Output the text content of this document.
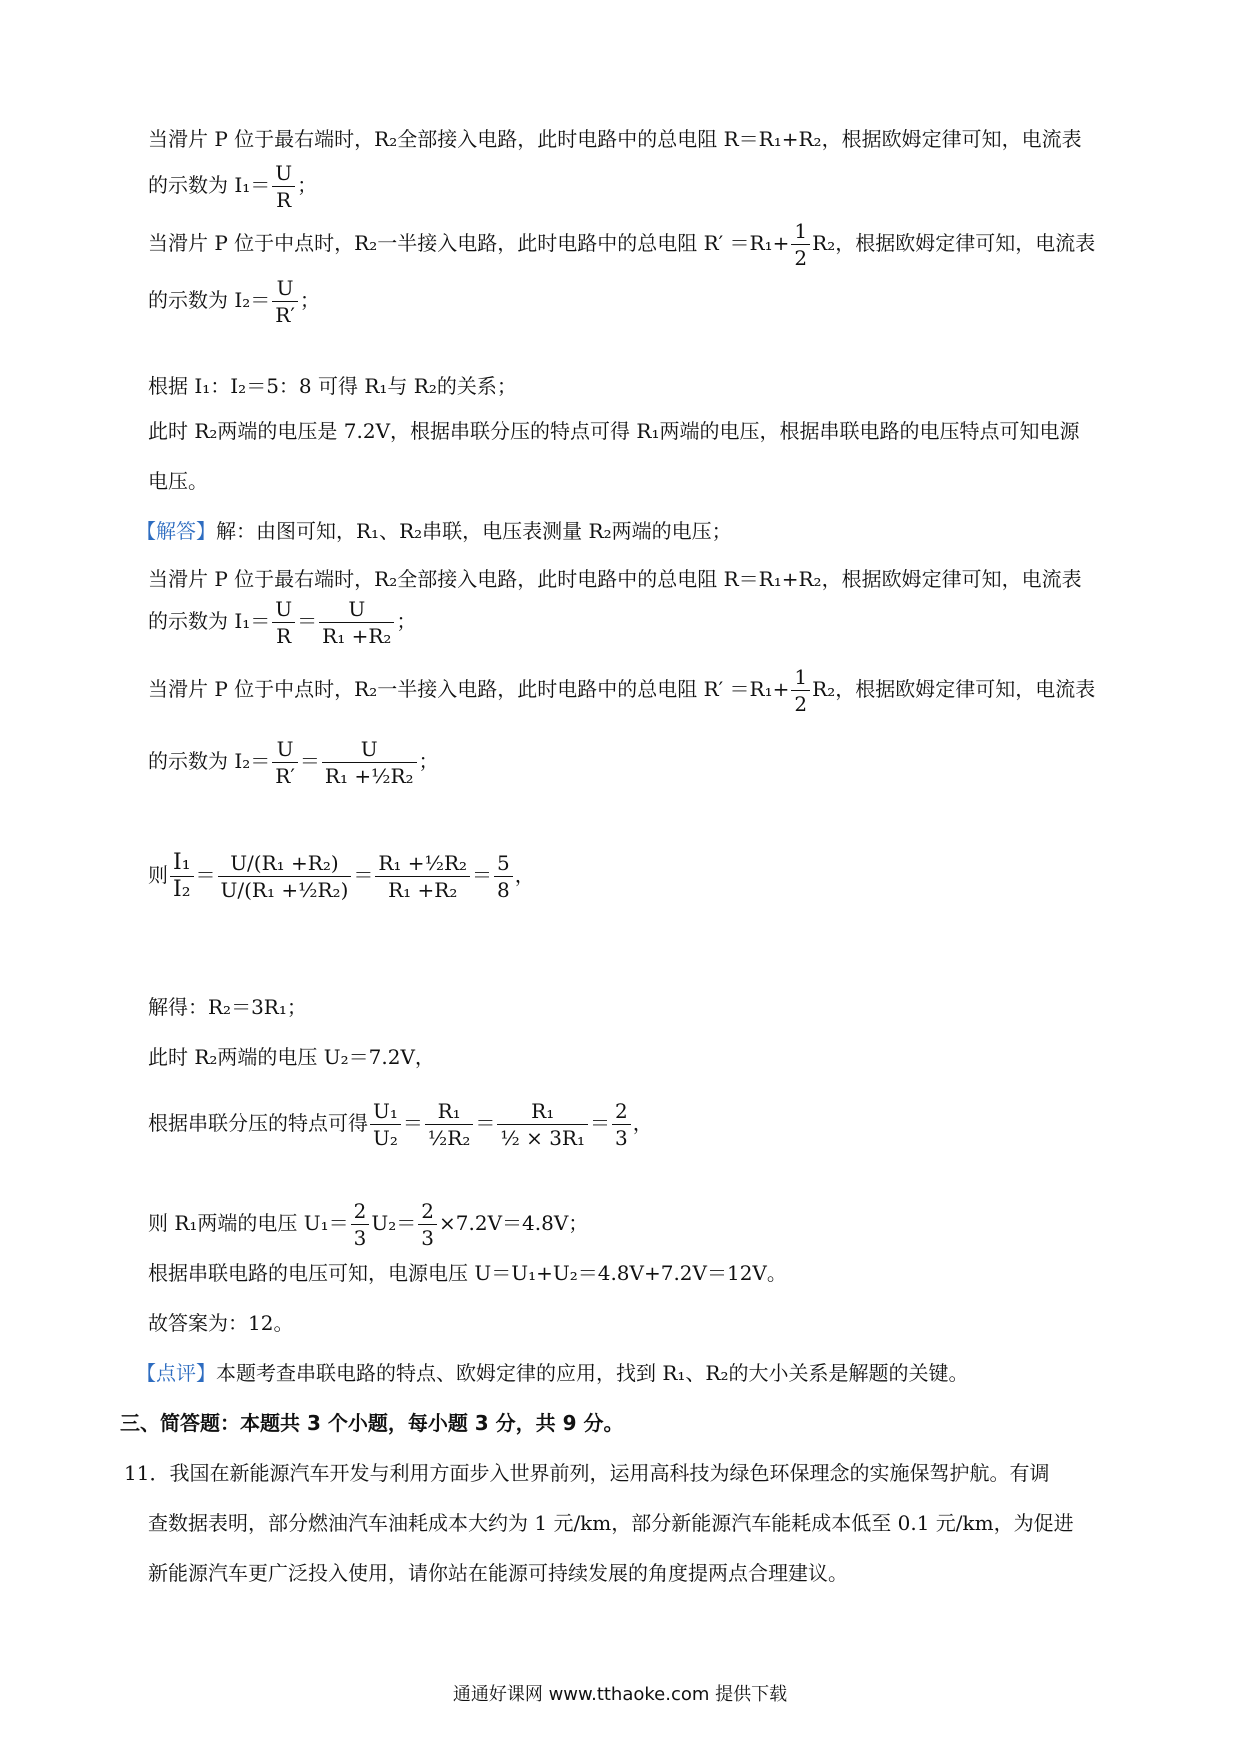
当滑片 P 位于最右端时，R₂全部接入电路，此时电路中的总电阻 R＝R₁+R₂，根据欧姆定律可知，电流表
的示数为 $I_1= \frac{U}{R}$ ；
当滑片 P 位于中点时，R₂一半接入电路，此时电路中的总电阻 $R' =R_1+ \frac{1}{2} R_2$，根据欧姆定律可知，电流表
的示数为 $I_2= \frac{U}{R'}$ ；
根据 I₁：I₂＝5：8 可得 R₁与 R₂的关系；
此时 R₂两端的电压是 7.2V，根据串联分压的特点可得 R₁两端的电压，根据串联电路的电压特点可知电源
电压。
【解答】解：由图可知，R₁、R₂串联，电压表测量 R₂两端的电压；
当滑片 P 位于最右端时，R₂全部接入电路，此时电路中的总电阻 R＝R₁+R₂，根据欧姆定律可知，电流表
的示数为 $I_1= \frac{U}{R} = \frac{U}{\text{R₁ +R₂}}$ ；
当滑片 P 位于中点时，R₂一半接入电路，此时电路中的总电阻 $R' =R_1+ \frac{1}{2} R_2$，根据欧姆定律可知，电流表
的示数为 $I_2= \frac{U}{R'} = \frac{U}{\text{R₁ +½R₂}}$ ；
则 $\frac{\text{I₁}}{\text{I₂}} = \frac{\text{U/(R₁ +R₂)}}{\text{U/(R₁ +½R₂)}} = \frac{\text{R₁ +½R₂}}{\text{R₁ +R₂}} = \frac{5}{8}$ ，
解得：R₂＝3R₁；
此时 R₂两端的电压 U₂＝7.2V，
根据串联分压的特点可得 $\frac{\text{U₁}}{\text{U₂}} = \frac{\text{R₁}}{\text{½R₂}} = \frac{\text{R₁}}{\text{½ × 3R₁}} = \frac{2}{3}$ ，
则 R₁两端的电压 $U_1= \frac{2}{3} U_2= \frac{2}{3} \times 7.2V=4.8V$；
根据串联电路的电压可知，电源电压 U＝U₁+U₂＝4.8V+7.2V＝12V。
故答案为：12。
【点评】本题考查串联电路的特点、欧姆定律的应用，找到 R₁、R₂的大小关系是解题的关键。
三、简答题：本题共 3 个小题，每小题 3 分，共 9 分。
11．我国在新能源汽车开发与利用方面步入世界前列，运用高科技为绿色环保理念的实施保驾护航。有调
查数据表明，部分燃油汽车油耗成本大约为 1 元/km，部分新能源汽车能耗成本低至 0.1 元/km，为促进
新能源汽车更广泛投入使用，请你站在能源可持续发展的角度提两点合理建议。
通通好课网 www.tthaoke.com 提供下载
